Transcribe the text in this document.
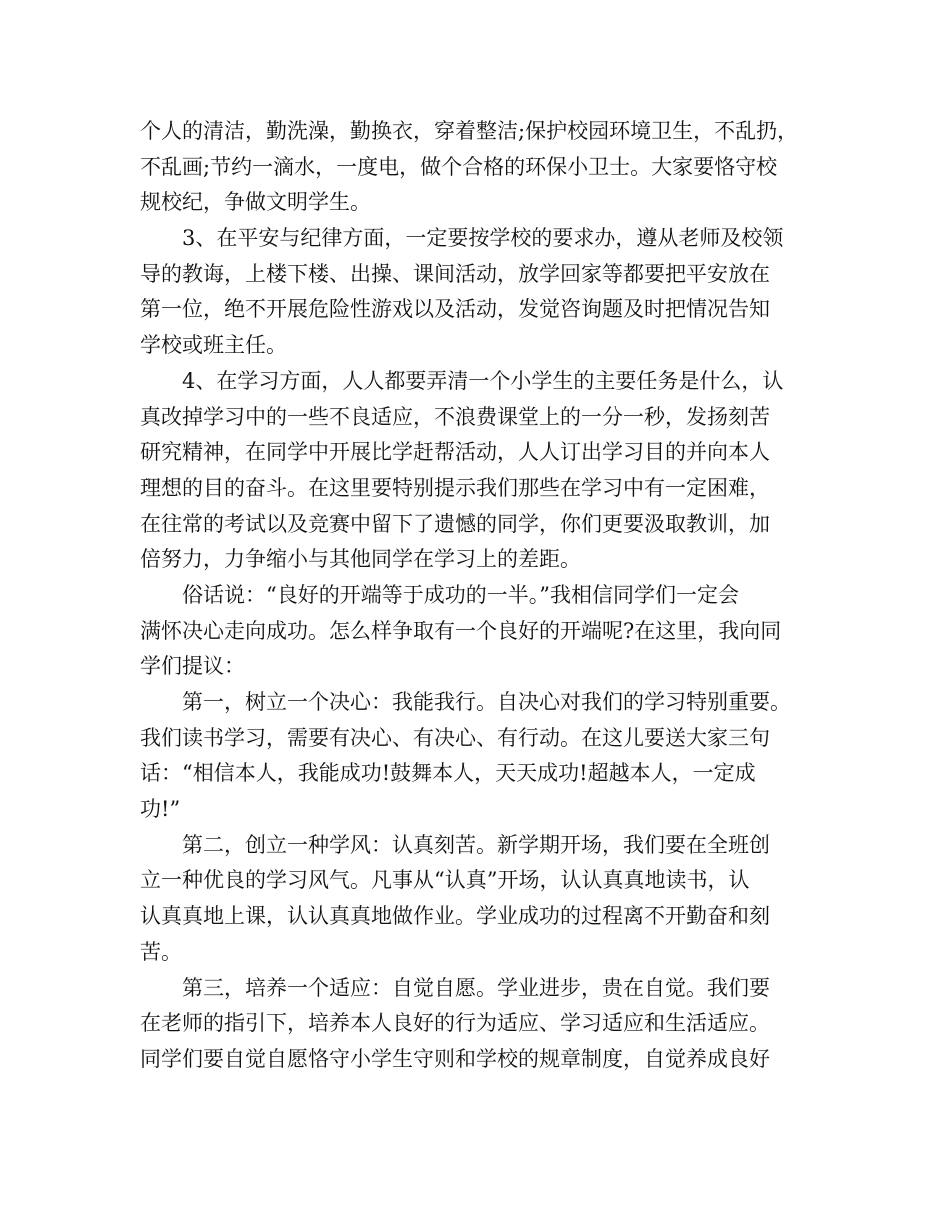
个人的清洁，勤洗澡，勤换衣，穿着整洁;保护校园环境卫生，不乱扔，
不乱画;节约一滴水，一度电，做个合格的环保小卫士。大家要恪守校
规校纪，争做文明学生。
3、在平安与纪律方面，一定要按学校的要求办，遵从老师及校领
导的教诲，上楼下楼、出操、课间活动，放学回家等都要把平安放在
第一位，绝不开展危险性游戏以及活动，发觉咨询题及时把情况告知
学校或班主任。
4、在学习方面，人人都要弄清一个小学生的主要任务是什么，认
真改掉学习中的一些不良适应，不浪费课堂上的一分一秒，发扬刻苦
研究精神，在同学中开展比学赶帮活动，人人订出学习目的并向本人
理想的目的奋斗。在这里要特别提示我们那些在学习中有一定困难，
在往常的考试以及竞赛中留下了遗憾的同学，你们更要汲取教训，加
倍努力，力争缩小与其他同学在学习上的差距。
俗话说：“良好的开端等于成功的一半。”我相信同学们一定会
满怀决心走向成功。怎么样争取有一个良好的开端呢?在这里，我向同
学们提议：
第一，树立一个决心：我能我行。自决心对我们的学习特别重要。
我们读书学习，需要有决心、有决心、有行动。在这儿要送大家三句
话：“相信本人，我能成功!鼓舞本人，天天成功!超越本人，一定成
功!”
第二，创立一种学风：认真刻苦。新学期开场，我们要在全班创
立一种优良的学习风气。凡事从“认真”开场，认认真真地读书，认
认真真地上课，认认真真地做作业。学业成功的过程离不开勤奋和刻
苦。
第三，培养一个适应：自觉自愿。学业进步，贵在自觉。我们要
在老师的指引下，培养本人良好的行为适应、学习适应和生活适应。
同学们要自觉自愿恪守小学生守则和学校的规章制度，自觉养成良好
